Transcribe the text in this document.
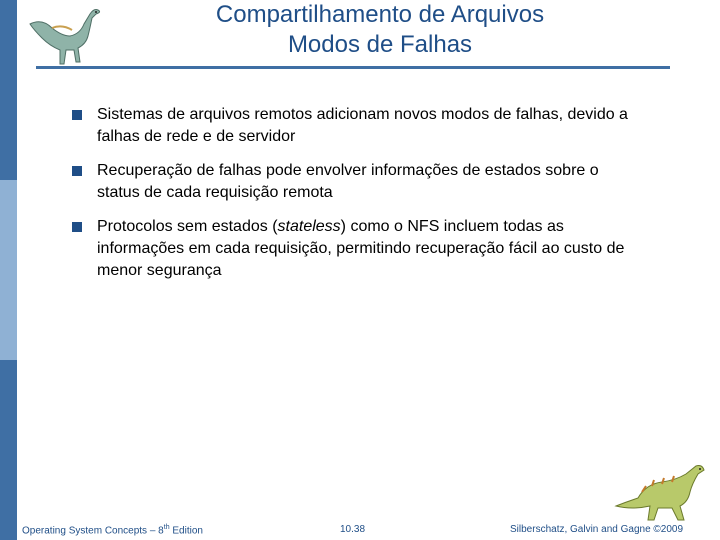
Compartilhamento de Arquivos
Modos de Falhas
Sistemas de arquivos remotos adicionam novos modos de falhas, devido a falhas de rede e de servidor
Recuperação de falhas pode envolver informações de estados sobre o status de cada requisição remota
Protocolos sem estados (stateless) como o NFS incluem todas as informações em cada requisição, permitindo recuperação fácil ao custo de menor segurança
Operating System Concepts – 8th Edition	10.38	Silberschatz, Galvin and Gagne ©2009
